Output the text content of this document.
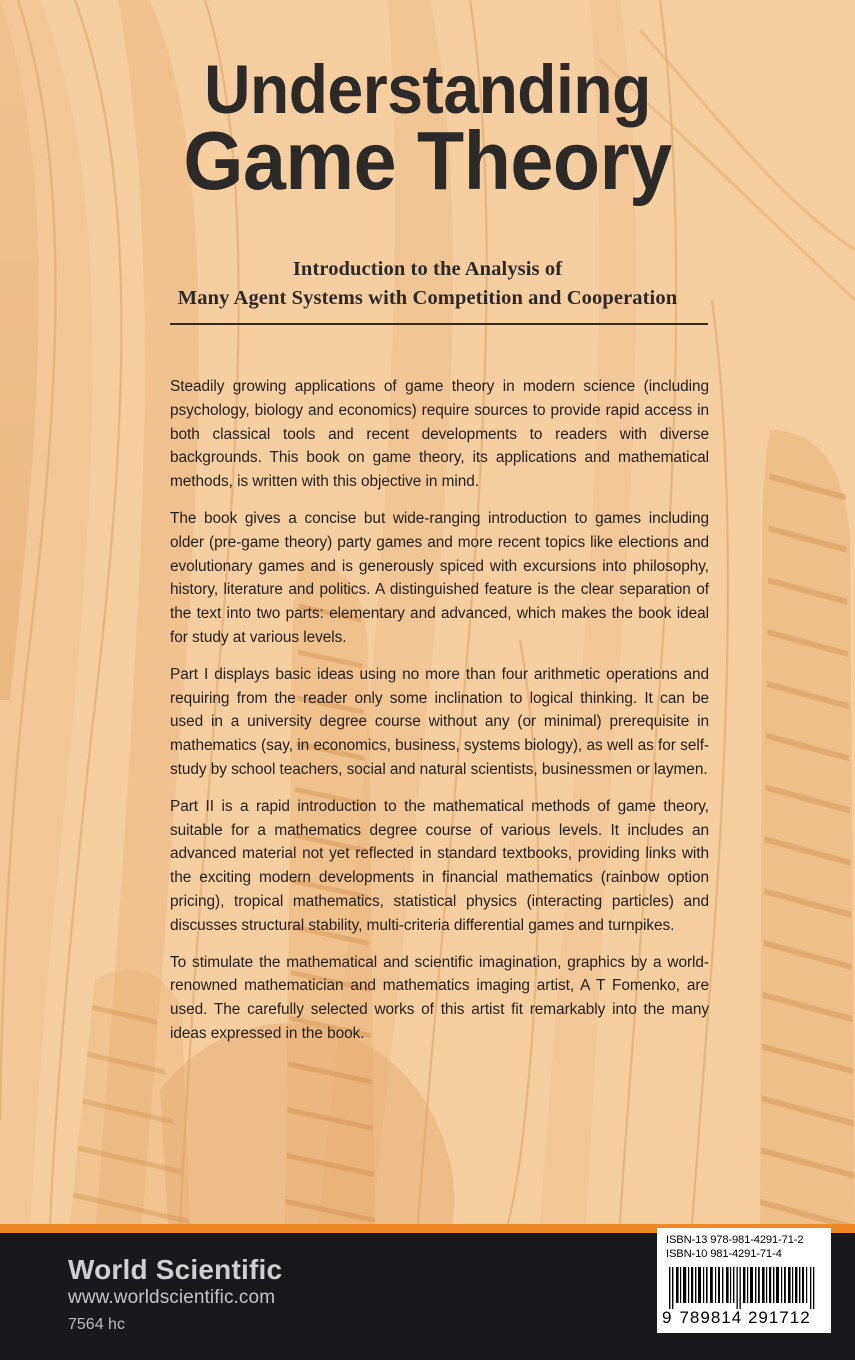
Understanding
Game Theory
Introduction to the Analysis of
Many Agent Systems with Competition and Cooperation

Steadily growing applications of game theory in modern science (including psychology, biology and economics) require sources to provide rapid access in both classical tools and recent developments to readers with diverse backgrounds. This book on game theory, its applications and mathematical methods, is written with this objective in mind.

The book gives a concise but wide-ranging introduction to games including older (pre-game theory) party games and more recent topics like elections and evolutionary games and is generously spiced with excursions into philosophy, history, literature and politics. A distinguished feature is the clear separation of the text into two parts: elementary and advanced, which makes the book ideal for study at various levels.

Part I displays basic ideas using no more than four arithmetic operations and requiring from the reader only some inclination to logical thinking. It can be used in a university degree course without any (or minimal) prerequisite in mathematics (say, in economics, business, systems biology), as well as for self-study by school teachers, social and natural scientists, businessmen or laymen.

Part II is a rapid introduction to the mathematical methods of game theory, suitable for a mathematics degree course of various levels. It includes an advanced material not yet reflected in standard textbooks, providing links with the exciting modern developments in financial mathematics (rainbow option pricing), tropical mathematics, statistical physics (interacting particles) and discusses structural stability, multi-criteria differential games and turnpikes.

To stimulate the mathematical and scientific imagination, graphics by a world-renowned mathematician and mathematics imaging artist, A T Fomenko, are used. The carefully selected works of this artist fit remarkably into the many ideas expressed in the book.

World Scientific
www.worldscientific.com
7564 hc
ISBN-13 978-981-4291-71-2
ISBN-10 981-4291-71-4
9 789814 291712
